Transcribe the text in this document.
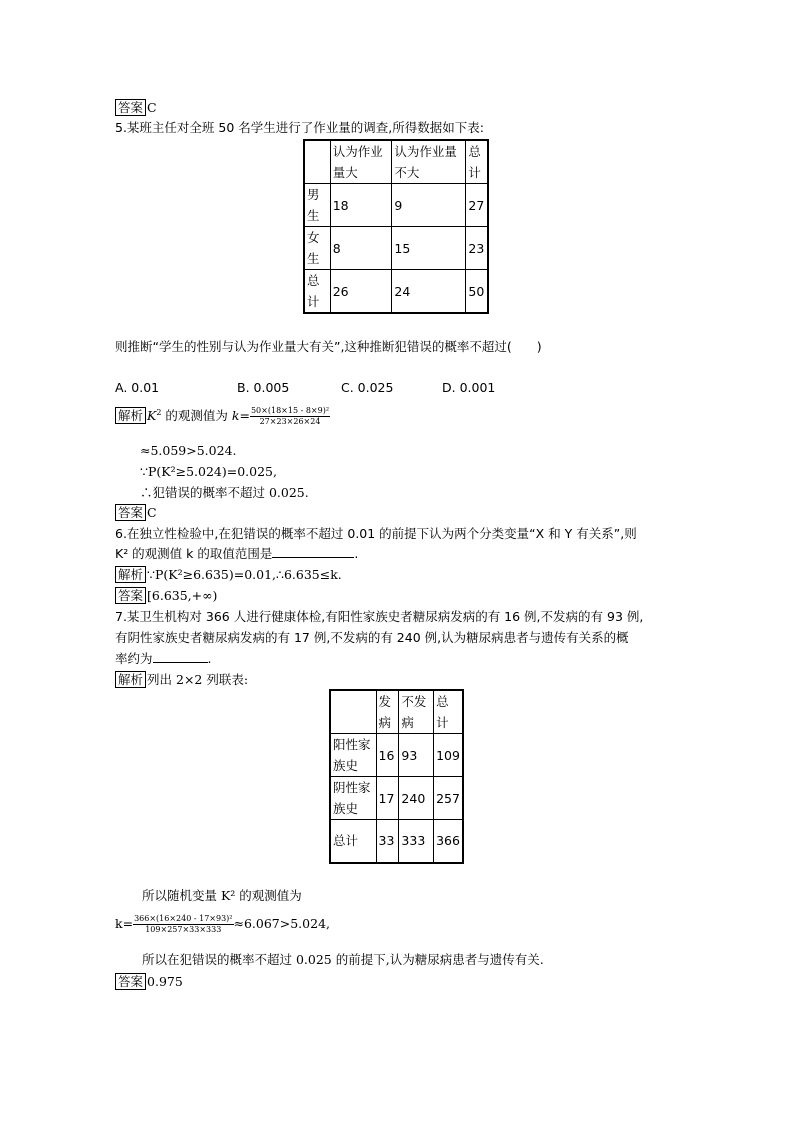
答案 C
5.某班主任对全班 50 名学生进行了作业量的调查,所得数据如下表:
	认为作业量大	认为作业量不大	总计
男生	18	9	27
女生	8	15	23
总计	26	24	50
则推断“学生的性别与认为作业量大有关”,这种推断犯错误的概率不超过(　　)
A. 0.01	B. 0.005	C. 0.025	D. 0.001
解析 $K^2$ 的观测值为 $k= \frac{\text{50×(18×15 - 8×9)²}}{27\times 23\times 26\times 24}$
≈5.059>5.024.
∵P(K²≥5.024)=0.025,
∴犯错误的概率不超过 0.025.
答案 C
6.在独立性检验中,在犯错误的概率不超过 0.01 的前提下认为两个分类变量“X 和 Y 有关系”,则
K² 的观测值 k 的取值范围是	.
解析 ∵P(K²≥6.635)=0.01,∴6.635≤k.
答案 [6.635,+∞)
7.某卫生机构对 366 人进行健康体检,有阳性家族史者糖尿病发病的有 16 例,不发病的有 93 例,
有阴性家族史者糖尿病发病的有 17 例,不发病的有 240 例,认为糖尿病患者与遗传有关系的概
率约为	.
解析 列出 2×2 列联表:
	发病	不发病	总计
阳性家族史	16	93	109
阴性家族史	17	240	257
总计	33	333	366
所以随机变量 K² 的观测值为
$k= \frac{\text{366×(16×240 - 17×93)²}}{109\times 257\times 33\times 333} \approx 6.067>5.024$,
所以在犯错误的概率不超过 0.025 的前提下,认为糖尿病患者与遗传有关.
答案 0.975
